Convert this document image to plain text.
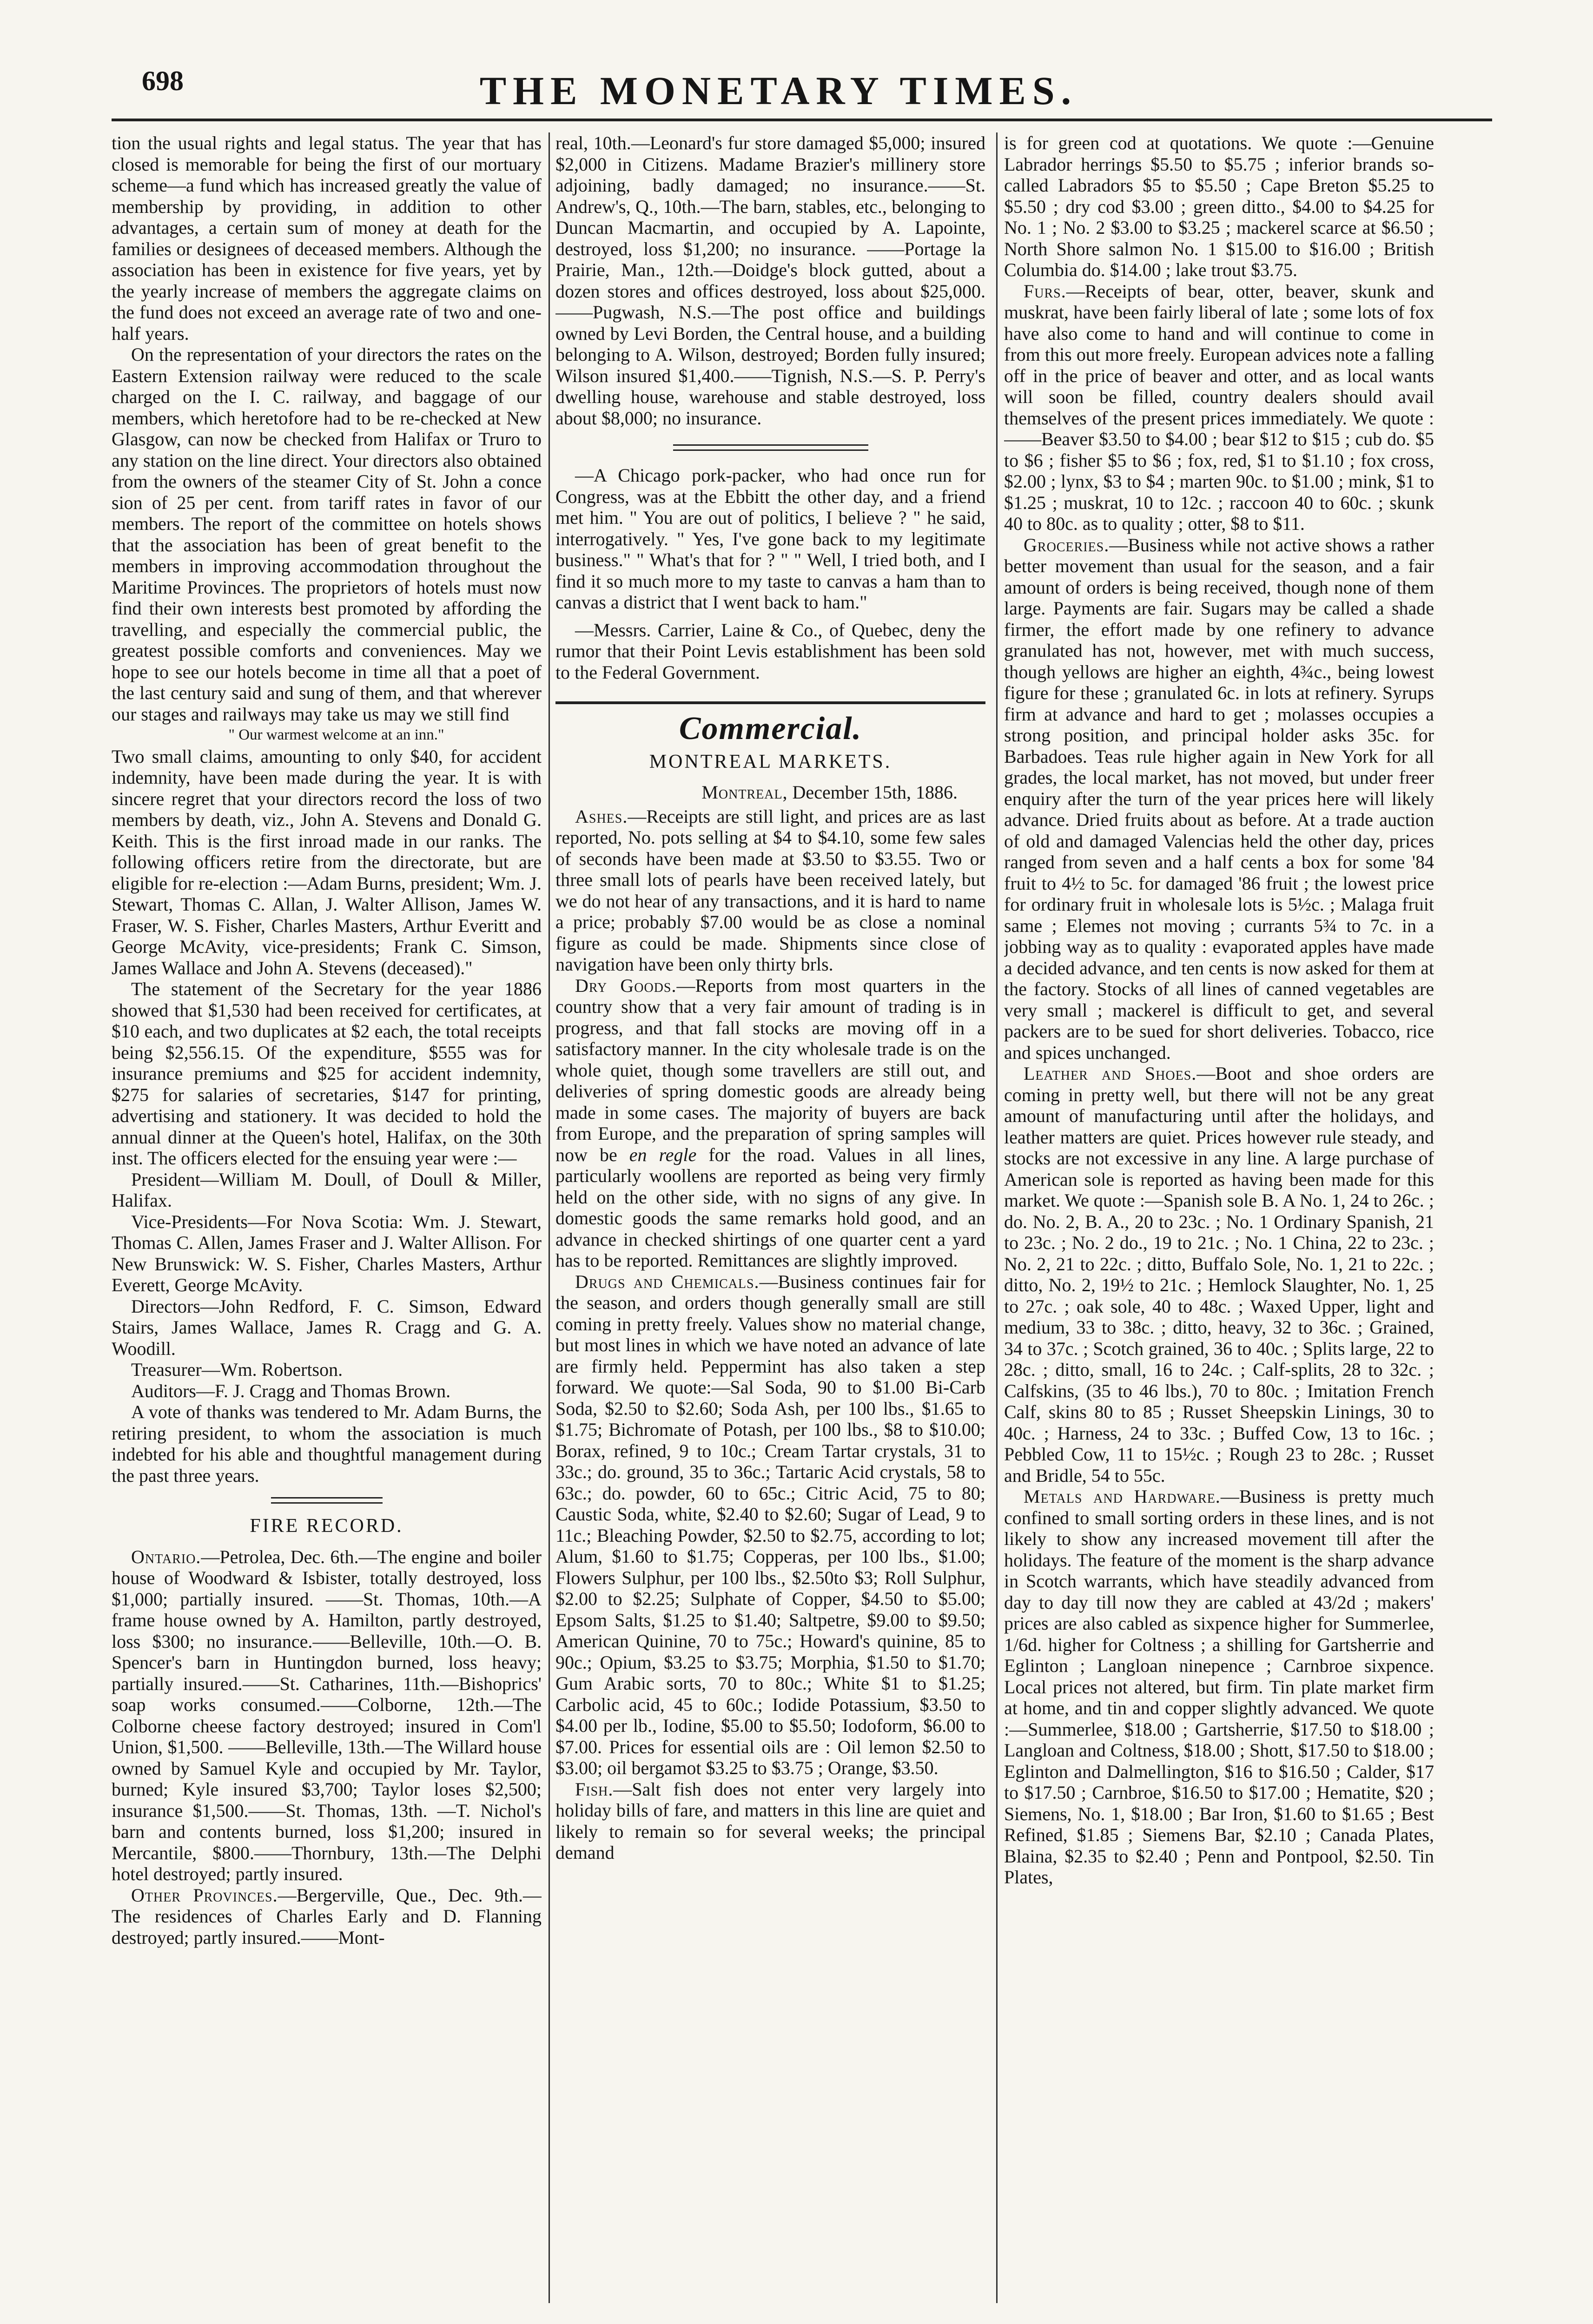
698	THE MONETARY TIMES.

tion the usual rights and legal status. The year that has closed is memorable for being the first of our mortuary scheme—a fund which has increased greatly the value of membership by providing, in addition to other advantages, a certain sum of money at death for the families or designees of deceased members. Although the association has been in existence for five years, yet by the yearly increase of members the aggregate claims on the fund does not exceed an average rate of two and one-half years.

On the representation of your directors the rates on the Eastern Extension railway were reduced to the scale charged on the I. C. railway, and baggage of our members, which heretofore had to be re-checked at New Glasgow, can now be checked from Halifax or Truro to any station on the line direct. Your directors also obtained from the owners of the steamer City of St. John a conce sion of 25 per cent. from tariff rates in favor of our members. The report of the committee on hotels shows that the association has been of great benefit to the members in improving accommodation throughout the Maritime Provinces. The proprietors of hotels must now find their own interests best promoted by affording the travelling, and especially the commercial public, the greatest possible comforts and conveniences. May we hope to see our hotels become in time all that a poet of the last century said and sung of them, and that wherever our stages and railways may take us may we still find

" Our warmest welcome at an inn."

Two small claims, amounting to only $40, for accident indemnity, have been made during the year. It is with sincere regret that your directors record the loss of two members by death, viz., John A. Stevens and Donald G. Keith. This is the first inroad made in our ranks. The following officers retire from the directorate, but are eligible for re-election :—Adam Burns, president; Wm. J. Stewart, Thomas C. Allan, J. Walter Allison, James W. Fraser, W. S. Fisher, Charles Masters, Arthur Everitt and George McAvity, vice-presidents; Frank C. Simson, James Wallace and John A. Stevens (deceased)."

The statement of the Secretary for the year 1886 showed that $1,530 had been received for certificates, at $10 each, and two duplicates at $2 each, the total receipts being $2,556.15. Of the expenditure, $555 was for insurance premiums and $25 for accident indemnity, $275 for salaries of secretaries, $147 for printing, advertising and stationery. It was decided to hold the annual dinner at the Queen's hotel, Halifax, on the 30th inst. The officers elected for the ensuing year were :—

President—William M. Doull, of Doull & Miller, Halifax.

Vice-Presidents—For Nova Scotia: Wm. J. Stewart, Thomas C. Allen, James Fraser and J. Walter Allison. For New Brunswick: W. S. Fisher, Charles Masters, Arthur Everett, George McAvity.

Directors—John Redford, F. C. Simson, Edward Stairs, James Wallace, James R. Cragg and G. A. Woodill.

Treasurer—Wm. Robertson.

Auditors—F. J. Cragg and Thomas Brown.

A vote of thanks was tendered to Mr. Adam Burns, the retiring president, to whom the association is much indebted for his able and thoughtful management during the past three years.

FIRE RECORD.

Ontario.—Petrolea, Dec. 6th.—The engine and boiler house of Woodward & Isbister, totally destroyed, loss $1,000; partially insured. ——St. Thomas, 10th.—A frame house owned by A. Hamilton, partly destroyed, loss $300; no insurance.——Belleville, 10th.—O. B. Spencer's barn in Huntingdon burned, loss heavy; partially insured.——St. Catharines, 11th.—Bishoprics' soap works consumed.——Colborne, 12th.—The Colborne cheese factory destroyed; insured in Com'l Union, $1,500. ——Belleville, 13th.—The Willard house owned by Samuel Kyle and occupied by Mr. Taylor, burned; Kyle insured $3,700; Taylor loses $2,500; insurance $1,500.——St. Thomas, 13th. —T. Nichol's barn and contents burned, loss $1,200; insured in Mercantile, $800.——Thornbury, 13th.—The Delphi hotel destroyed; partly insured.

Other Provinces.—Bergerville, Que., Dec. 9th.—The residences of Charles Early and D. Flanning destroyed; partly insured.——Mont-

real, 10th.—Leonard's fur store damaged $5,000; insured $2,000 in Citizens. Madame Brazier's millinery store adjoining, badly damaged; no insurance.——St. Andrew's, Q., 10th.—The barn, stables, etc., belonging to Duncan Macmartin, and occupied by A. Lapointe, destroyed, loss $1,200; no insurance. ——Portage la Prairie, Man., 12th.—Doidge's block gutted, about a dozen stores and offices destroyed, loss about $25,000.——Pugwash, N.S.—The post office and buildings owned by Levi Borden, the Central house, and a building belonging to A. Wilson, destroyed; Borden fully insured; Wilson insured $1,400.——Tignish, N.S.—S. P. Perry's dwelling house, warehouse and stable destroyed, loss about $8,000; no insurance.

—A Chicago pork-packer, who had once run for Congress, was at the Ebbitt the other day, and a friend met him. " You are out of politics, I believe ? " he said, interrogatively. " Yes, I've gone back to my legitimate business." " What's that for ? " " Well, I tried both, and I find it so much more to my taste to canvas a ham than to canvas a district that I went back to ham."

—Messrs. Carrier, Laine & Co., of Quebec, deny the rumor that their Point Levis establishment has been sold to the Federal Government.

Commercial.
MONTREAL MARKETS.
Montreal, December 15th, 1886.

Ashes.—Receipts are still light, and prices are as last reported, No. pots selling at $4 to $4.10, some few sales of seconds have been made at $3.50 to $3.55. Two or three small lots of pearls have been received lately, but we do not hear of any transactions, and it is hard to name a price; probably $7.00 would be as close a nominal figure as could be made. Shipments since close of navigation have been only thirty brls.

Dry Goods.—Reports from most quarters in the country show that a very fair amount of trading is in progress, and that fall stocks are moving off in a satisfactory manner. In the city wholesale trade is on the whole quiet, though some travellers are still out, and deliveries of spring domestic goods are already being made in some cases. The majority of buyers are back from Europe, and the preparation of spring samples will now be en regle for the road. Values in all lines, particularly woollens are reported as being very firmly held on the other side, with no signs of any give. In domestic goods the same remarks hold good, and an advance in checked shirtings of one quarter cent a yard has to be reported. Remittances are slightly improved.

Drugs and Chemicals.—Business continues fair for the season, and orders though generally small are still coming in pretty freely. Values show no material change, but most lines in which we have noted an advance of late are firmly held. Peppermint has also taken a step forward. We quote:—Sal Soda, 90 to $1.00 Bi-Carb Soda, $2.50 to $2.60; Soda Ash, per 100 lbs., $1.65 to $1.75; Bichromate of Potash, per 100 lbs., $8 to $10.00; Borax, refined, 9 to 10c.; Cream Tartar crystals, 31 to 33c.; do. ground, 35 to 36c.; Tartaric Acid crystals, 58 to 63c.; do. powder, 60 to 65c.; Citric Acid, 75 to 80; Caustic Soda, white, $2.40 to $2.60; Sugar of Lead, 9 to 11c.; Bleaching Powder, $2.50 to $2.75, according to lot; Alum, $1.60 to $1.75; Copperas, per 100 lbs., $1.00; Flowers Sulphur, per 100 lbs., $2.50to $3; Roll Sulphur, $2.00 to $2.25; Sulphate of Copper, $4.50 to $5.00; Epsom Salts, $1.25 to $1.40; Saltpetre, $9.00 to $9.50; American Quinine, 70 to 75c.; Howard's quinine, 85 to 90c.; Opium, $3.25 to $3.75; Morphia, $1.50 to $1.70; Gum Arabic sorts, 70 to 80c.; White $1 to $1.25; Carbolic acid, 45 to 60c.; Iodide Potassium, $3.50 to $4.00 per lb., Iodine, $5.00 to $5.50; Iodoform, $6.00 to $7.00. Prices for essential oils are : Oil lemon $2.50 to $3.00; oil bergamot $3.25 to $3.75 ; Orange, $3.50.

Fish.—Salt fish does not enter very largely into holiday bills of fare, and matters in this line are quiet and likely to remain so for several weeks; the principal demand

is for green cod at quotations. We quote :—Genuine Labrador herrings $5.50 to $5.75 ; inferior brands so-called Labradors $5 to $5.50 ; Cape Breton $5.25 to $5.50 ; dry cod $3.00 ; green ditto., $4.00 to $4.25 for No. 1 ; No. 2 $3.00 to $3.25 ; mackerel scarce at $6.50 ; North Shore salmon No. 1 $15.00 to $16.00 ; British Columbia do. $14.00 ; lake trout $3.75.

Furs.—Receipts of bear, otter, beaver, skunk and muskrat, have been fairly liberal of late ; some lots of fox have also come to hand and will continue to come in from this out more freely. European advices note a falling off in the price of beaver and otter, and as local wants will soon be filled, country dealers should avail themselves of the present prices immediately. We quote :——Beaver $3.50 to $4.00 ; bear $12 to $15 ; cub do. $5 to $6 ; fisher $5 to $6 ; fox, red, $1 to $1.10 ; fox cross, $2.00 ; lynx, $3 to $4 ; marten 90c. to $1.00 ; mink, $1 to $1.25 ; muskrat, 10 to 12c. ; raccoon 40 to 60c. ; skunk 40 to 80c. as to quality ; otter, $8 to $11.

Groceries.—Business while not active shows a rather better movement than usual for the season, and a fair amount of orders is being received, though none of them large. Payments are fair. Sugars may be called a shade firmer, the effort made by one refinery to advance granulated has not, however, met with much success, though yellows are higher an eighth, 4¾c., being lowest figure for these ; granulated 6c. in lots at refinery. Syrups firm at advance and hard to get ; molasses occupies a strong position, and principal holder asks 35c. for Barbadoes. Teas rule higher again in New York for all grades, the local market, has not moved, but under freer enquiry after the turn of the year prices here will likely advance. Dried fruits about as before. At a trade auction of old and damaged Valencias held the other day, prices ranged from seven and a half cents a box for some '84 fruit to 4½ to 5c. for damaged '86 fruit ; the lowest price for ordinary fruit in wholesale lots is 5½c. ; Malaga fruit same ; Elemes not moving ; currants 5¾ to 7c. in a jobbing way as to quality : evaporated apples have made a decided advance, and ten cents is now asked for them at the factory. Stocks of all lines of canned vegetables are very small ; mackerel is difficult to get, and several packers are to be sued for short deliveries. Tobacco, rice and spices unchanged.

Leather and Shoes.—Boot and shoe orders are coming in pretty well, but there will not be any great amount of manufacturing until after the holidays, and leather matters are quiet. Prices however rule steady, and stocks are not excessive in any line. A large purchase of American sole is reported as having been made for this market. We quote :—Spanish sole B. A No. 1, 24 to 26c. ; do. No. 2, B. A., 20 to 23c. ; No. 1 Ordinary Spanish, 21 to 23c. ; No. 2 do., 19 to 21c. ; No. 1 China, 22 to 23c. ; No. 2, 21 to 22c. ; ditto, Buffalo Sole, No. 1, 21 to 22c. ; ditto, No. 2, 19½ to 21c. ; Hemlock Slaughter, No. 1, 25 to 27c. ; oak sole, 40 to 48c. ; Waxed Upper, light and medium, 33 to 38c. ; ditto, heavy, 32 to 36c. ; Grained, 34 to 37c. ; Scotch grained, 36 to 40c. ; Splits large, 22 to 28c. ; ditto, small, 16 to 24c. ; Calf-splits, 28 to 32c. ; Calfskins, (35 to 46 lbs.), 70 to 80c. ; Imitation French Calf, skins 80 to 85 ; Russet Sheepskin Linings, 30 to 40c. ; Harness, 24 to 33c. ; Buffed Cow, 13 to 16c. ; Pebbled Cow, 11 to 15½c. ; Rough 23 to 28c. ; Russet and Bridle, 54 to 55c.

Metals and Hardware.—Business is pretty much confined to small sorting orders in these lines, and is not likely to show any increased movement till after the holidays. The feature of the moment is the sharp advance in Scotch warrants, which have steadily advanced from day to day till now they are cabled at 43/2d ; makers' prices are also cabled as sixpence higher for Summerlee, 1/6d. higher for Coltness ; a shilling for Gartsherrie and Eglinton ; Langloan ninepence ; Carnbroe sixpence. Local prices not altered, but firm. Tin plate market firm at home, and tin and copper slightly advanced. We quote :—Summerlee, $18.00 ; Gartsherrie, $17.50 to $18.00 ; Langloan and Coltness, $18.00 ; Shott, $17.50 to $18.00 ; Eglinton and Dalmellington, $16 to $16.50 ; Calder, $17 to $17.50 ; Carnbroe, $16.50 to $17.00 ; Hematite, $20 ; Siemens, No. 1, $18.00 ; Bar Iron, $1.60 to $1.65 ; Best Refined, $1.85 ; Siemens Bar, $2.10 ; Canada Plates, Blaina, $2.35 to $2.40 ; Penn and Pontpool, $2.50. Tin Plates,
